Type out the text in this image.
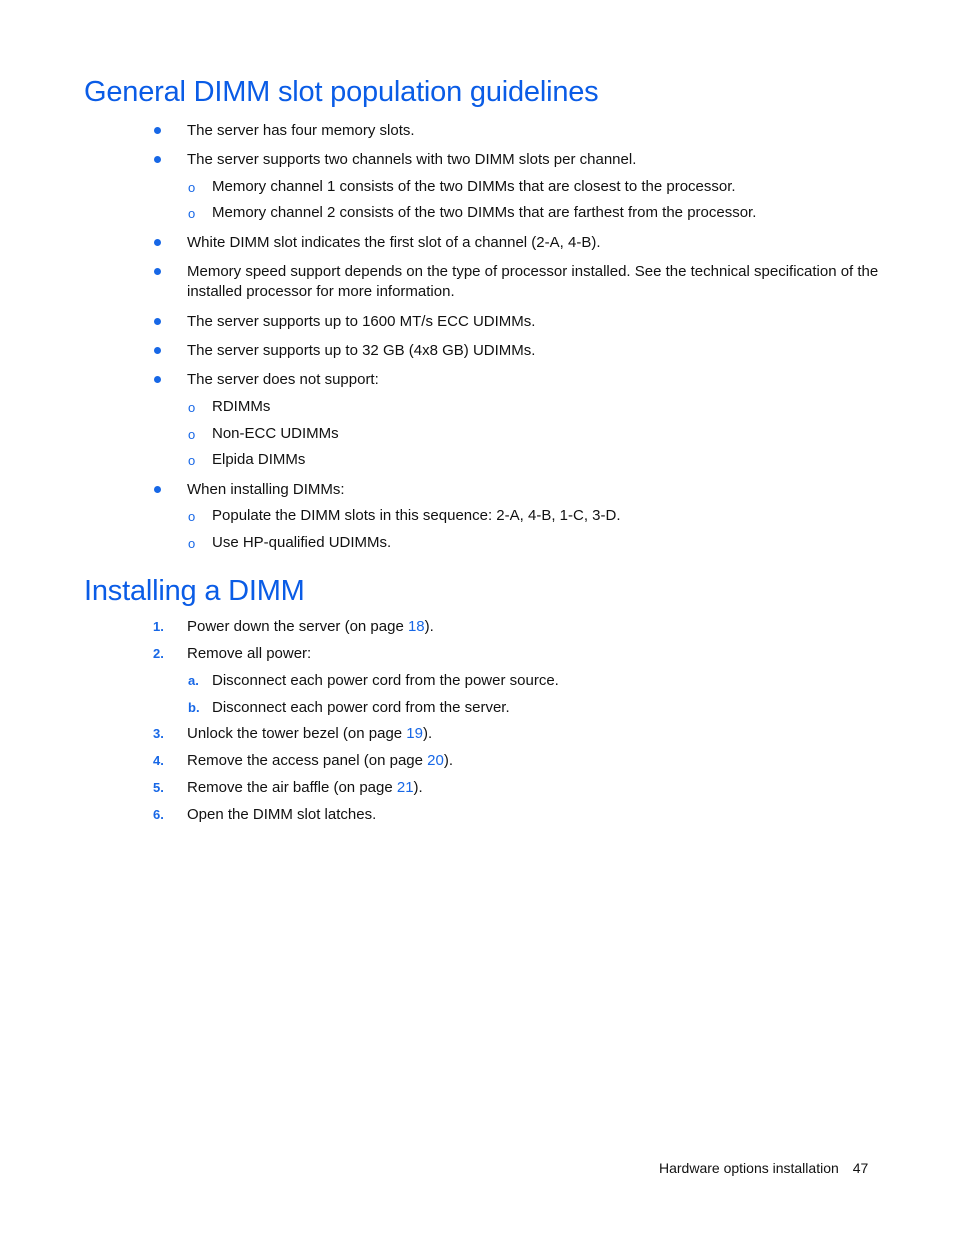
General DIMM slot population guidelines
The server has four memory slots.
The server supports two channels with two DIMM slots per channel.
o Memory channel 1 consists of the two DIMMs that are closest to the processor.
o Memory channel 2 consists of the two DIMMs that are farthest from the processor.
White DIMM slot indicates the first slot of a channel (2-A, 4-B).
Memory speed support depends on the type of processor installed. See the technical specification of the
installed processor for more information.
The server supports up to 1600 MT/s ECC UDIMMs.
The server supports up to 32 GB (4x8 GB) UDIMMs.
The server does not support:
o RDIMMs
o Non-ECC UDIMMs
o Elpida DIMMs
When installing DIMMs:
o Populate the DIMM slots in this sequence: 2-A, 4-B, 1-C, 3-D.
o Use HP-qualified UDIMMs.
Installing a DIMM
1. Power down the server (on page 18).
2. Remove all power:
a. Disconnect each power cord from the power source.
b. Disconnect each power cord from the server.
3. Unlock the tower bezel (on page 19).
4. Remove the access panel (on page 20).
5. Remove the air baffle (on page 21).
6. Open the DIMM slot latches.
Hardware options installation 47
